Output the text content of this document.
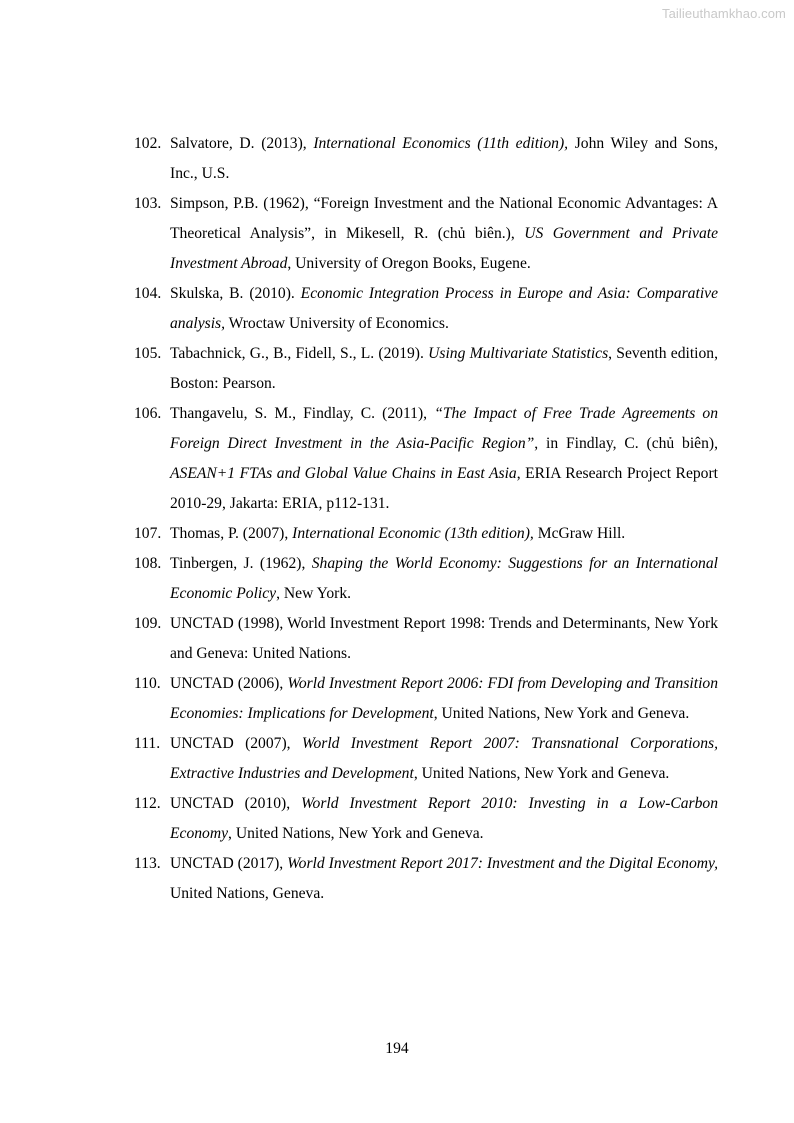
Tailieuthamkhao.com
102. Salvatore, D. (2013), International Economics (11th edition), John Wiley and Sons, Inc., U.S.
103. Simpson, P.B. (1962), “Foreign Investment and the National Economic Advantages: A Theoretical Analysis”, in Mikesell, R. (chủ biên.), US Government and Private Investment Abroad, University of Oregon Books, Eugene.
104. Skulska, B. (2010). Economic Integration Process in Europe and Asia: Comparative analysis, Wroctaw University of Economics.
105. Tabachnick, G., B., Fidell, S., L. (2019). Using Multivariate Statistics, Seventh edition, Boston: Pearson.
106. Thangavelu, S. M., Findlay, C. (2011), “The Impact of Free Trade Agreements on Foreign Direct Investment in the Asia-Pacific Region”, in Findlay, C. (chủ biên), ASEAN+1 FTAs and Global Value Chains in East Asia, ERIA Research Project Report 2010-29, Jakarta: ERIA, p112-131.
107. Thomas, P. (2007), International Economic (13th edition), McGraw Hill.
108. Tinbergen, J. (1962), Shaping the World Economy: Suggestions for an International Economic Policy, New York.
109. UNCTAD (1998), World Investment Report 1998: Trends and Determinants, New York and Geneva: United Nations.
110. UNCTAD (2006), World Investment Report 2006: FDI from Developing and Transition Economies: Implications for Development, United Nations, New York and Geneva.
111. UNCTAD (2007), World Investment Report 2007: Transnational Corporations, Extractive Industries and Development, United Nations, New York and Geneva.
112. UNCTAD (2010), World Investment Report 2010: Investing in a Low-Carbon Economy, United Nations, New York and Geneva.
113. UNCTAD (2017), World Investment Report 2017: Investment and the Digital Economy, United Nations, Geneva.
194
